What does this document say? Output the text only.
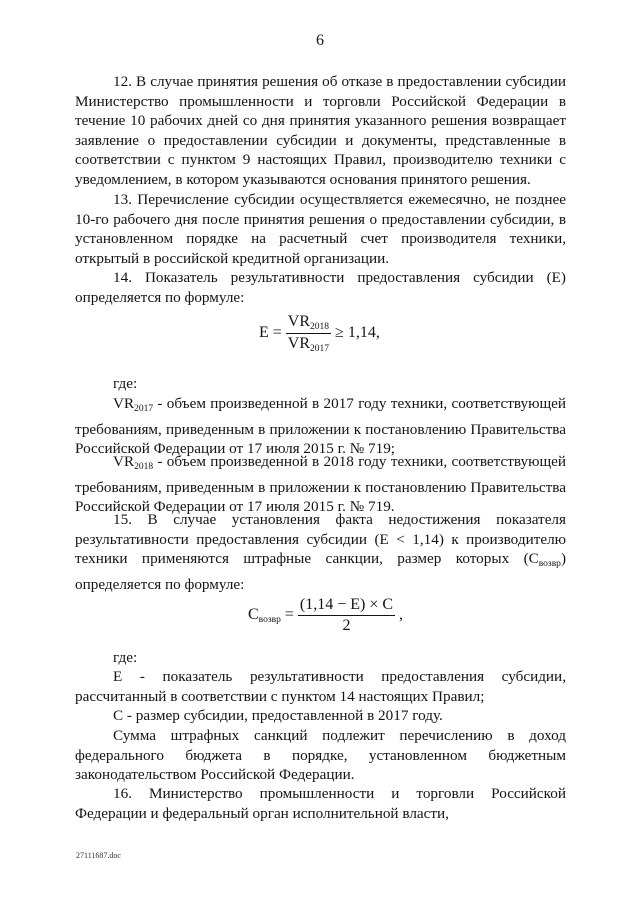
6

12. В случае принятия решения об отказе в предоставлении субсидии Министерство промышленности и торговли Российской Федерации в течение 10 рабочих дней со дня принятия указанного решения возвращает заявление о предоставлении субсидии и документы, представленные в соответствии с пунктом 9 настоящих Правил, производителю техники с уведомлением, в котором указываются основания принятого решения.

13. Перечисление субсидии осуществляется ежемесячно, не позднее 10-го рабочего дня после принятия решения о предоставлении субсидии, в установленном порядке на расчетный счет производителя техники, открытый в российской кредитной организации.

14. Показатель результативности предоставления субсидии (E) определяется по формуле:

$E = \frac{VR_{2018}}{VR_{2017}} \ge 1,14$,

где:

$VR_{2017}$ - объем произведенной в 2017 году техники, соответствующей требованиям, приведенным в приложении к постановлению Правительства Российской Федерации от 17 июля 2015 г. № 719;

$VR_{2018}$ - объем произведенной в 2018 году техники, соответствующей требованиям, приведенным в приложении к постановлению Правительства Российской Федерации от 17 июля 2015 г. № 719.

15. В случае установления факта недостижения показателя результативности предоставления субсидии (E < 1,14) к производителю техники применяются штрафные санкции, размер которых $(С_{возвр})$ определяется по формуле:

$С_{возвр} = \frac{(1,14 - E) \times С}{2}$ ,

где:

E - показатель результативности предоставления субсидии, рассчитанный в соответствии с пунктом 14 настоящих Правил;

С - размер субсидии, предоставленной в 2017 году.

Сумма штрафных санкций подлежит перечислению в доход федерального бюджета в порядке, установленном бюджетным законодательством Российской Федерации.

16. Министерство промышленности и торговли Российской Федерации и федеральный орган исполнительной власти,

27111687.doc
